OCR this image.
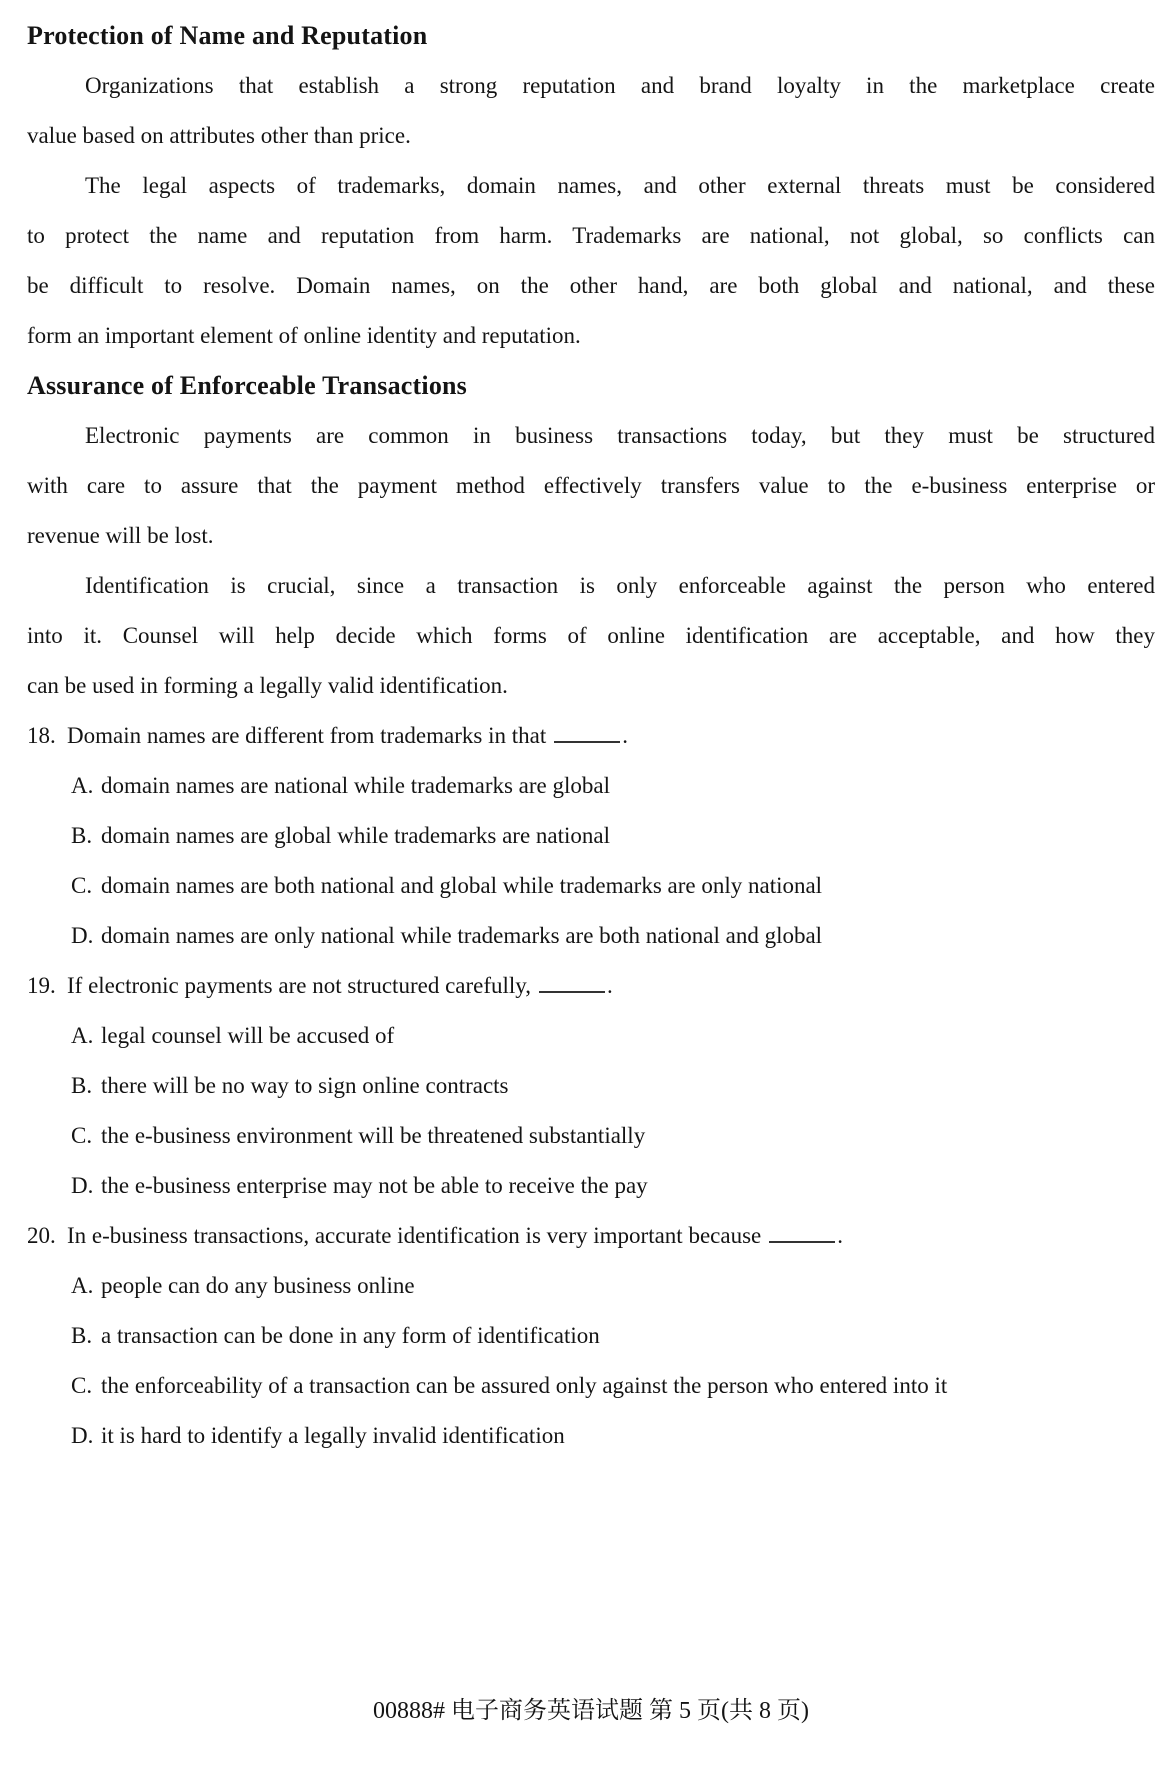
Protection of Name and Reputation
Organizations that establish a strong reputation and brand loyalty in the marketplace create
value based on attributes other than price.
The legal aspects of trademarks, domain names, and other external threats must be considered
to protect the name and reputation from harm. Trademarks are national, not global, so conflicts can
be difficult to resolve. Domain names, on the other hand, are both global and national, and these
form an important element of online identity and reputation.
Assurance of Enforceable Transactions
Electronic payments are common in business transactions today, but they must be structured
with care to assure that the payment method effectively transfers value to the e-business enterprise or
revenue will be lost.
Identification is crucial, since a transaction is only enforceable against the person who entered
into it. Counsel will help decide which forms of online identification are acceptable, and how they
can be used in forming a legally valid identification.
18. Domain names are different from trademarks in that	.
A. domain names are national while trademarks are global
B. domain names are global while trademarks are national
C. domain names are both national and global while trademarks are only national
D. domain names are only national while trademarks are both national and global
19. If electronic payments are not structured carefully,	.
A. legal counsel will be accused of
B. there will be no way to sign online contracts
C. the e-business environment will be threatened substantially
D. the e-business enterprise may not be able to receive the pay
20. In e-business transactions, accurate identification is very important because	.
A. people can do any business online
B. a transaction can be done in any form of identification
C. the enforceability of a transaction can be assured only against the person who entered into it
D. it is hard to identify a legally invalid identification
00888# 电子商务英语试题 第 5 页(共 8 页)
